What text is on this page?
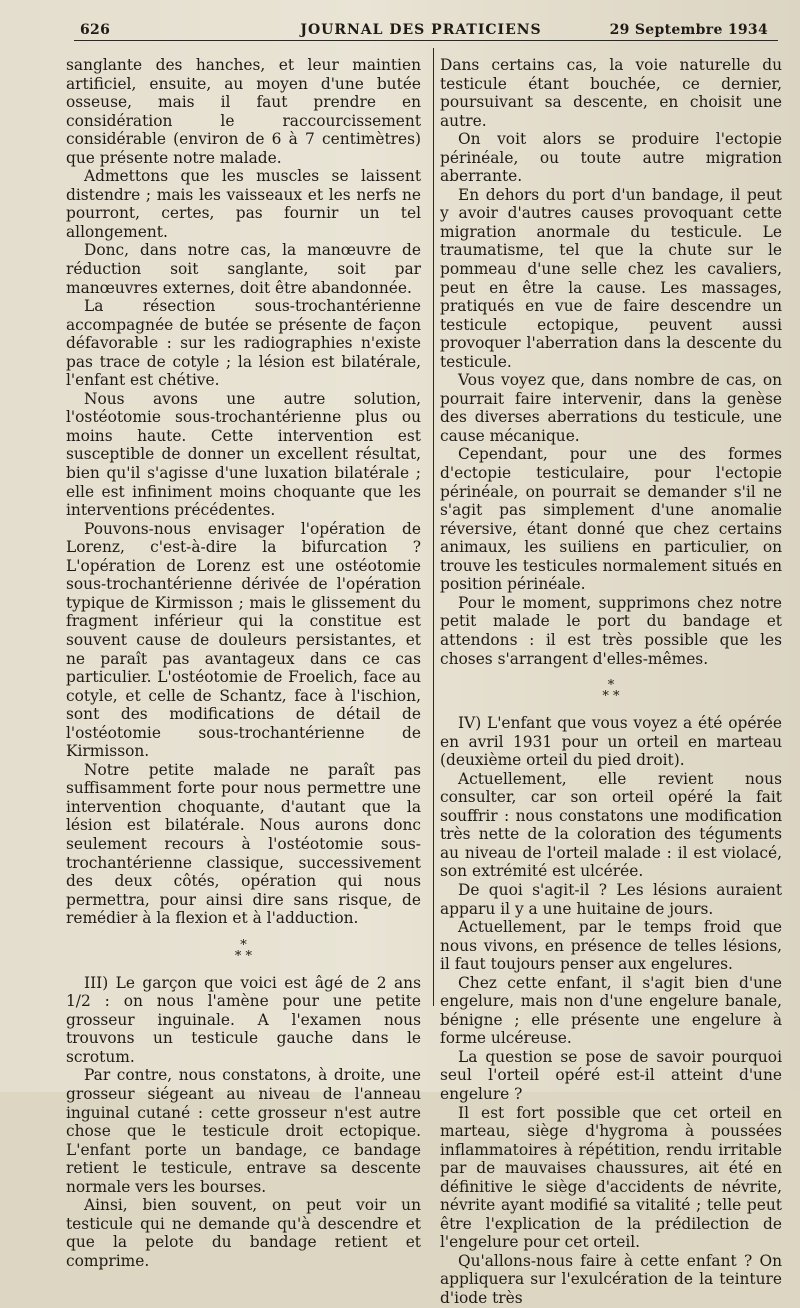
626	JOURNAL DES PRATICIENS	29 Septembre 1934

sanglante des hanches, et leur maintien artificiel, ensuite, au moyen d'une butée osseuse, mais il faut prendre en considération le raccourcissement considérable (environ de 6 à 7 centimètres) que présente notre malade.

Admettons que les muscles se laissent distendre ; mais les vaisseaux et les nerfs ne pourront, certes, pas fournir un tel allongement.

Donc, dans notre cas, la manœuvre de réduction soit sanglante, soit par manœuvres externes, doit être abandonnée.

La résection sous-trochantérienne accompagnée de butée se présente de façon défavorable : sur les radiographies n'existe pas trace de cotyle ; la lésion est bilatérale, l'enfant est chétive.

Nous avons une autre solution, l'ostéotomie sous-trochantérienne plus ou moins haute. Cette intervention est susceptible de donner un excellent résultat, bien qu'il s'agisse d'une luxation bilatérale ; elle est infiniment moins choquante que les interventions précédentes.

Pouvons-nous envisager l'opération de Lorenz, c'est-à-dire la bifurcation ? L'opération de Lorenz est une ostéotomie sous-trochantérienne dérivée de l'opération typique de Kirmisson ; mais le glissement du fragment inférieur qui la constitue est souvent cause de douleurs persistantes, et ne paraît pas avantageux dans ce cas particulier. L'ostéotomie de Froelich, face au cotyle, et celle de Schantz, face à l'ischion, sont des modifications de détail de l'ostéotomie sous-trochantérienne de Kirmisson.

Notre petite malade ne paraît pas suffisamment forte pour nous permettre une intervention choquante, d'autant que la lésion est bilatérale. Nous aurons donc seulement recours à l'ostéotomie sous-trochantérienne classique, successivement des deux côtés, opération qui nous permettra, pour ainsi dire sans risque, de remédier à la flexion et à l'adduction.

*
* *

III) Le garçon que voici est âgé de 2 ans 1/2 : on nous l'amène pour une petite grosseur inguinale. A l'examen nous trouvons un testicule gauche dans le scrotum.

Par contre, nous constatons, à droite, une grosseur siégeant au niveau de l'anneau inguinal cutané : cette grosseur n'est autre chose que le testicule droit ectopique. L'enfant porte un bandage, ce bandage retient le testicule, entrave sa descente normale vers les bourses.

Ainsi, bien souvent, on peut voir un testicule qui ne demande qu'à descendre et que la pelote du bandage retient et comprime.

Dans certains cas, la voie naturelle du testicule étant bouchée, ce dernier, poursuivant sa descente, en choisit une autre.

On voit alors se produire l'ectopie périnéale, ou toute autre migration aberrante.

En dehors du port d'un bandage, il peut y avoir d'autres causes provoquant cette migration anormale du testicule. Le traumatisme, tel que la chute sur le pommeau d'une selle chez les cavaliers, peut en être la cause. Les massages, pratiqués en vue de faire descendre un testicule ectopique, peuvent aussi provoquer l'aberration dans la descente du testicule.

Vous voyez que, dans nombre de cas, on pourrait faire intervenir, dans la genèse des diverses aberrations du testicule, une cause mécanique.

Cependant, pour une des formes d'ectopie testiculaire, pour l'ectopie périnéale, on pourrait se demander s'il ne s'agit pas simplement d'une anomalie réversive, étant donné que chez certains animaux, les suiliens en particulier, on trouve les testicules normalement situés en position périnéale.

Pour le moment, supprimons chez notre petit malade le port du bandage et attendons : il est très possible que les choses s'arrangent d'elles-mêmes.

*
* *

IV) L'enfant que vous voyez a été opérée en avril 1931 pour un orteil en marteau (deuxième orteil du pied droit).

Actuellement, elle revient nous consulter, car son orteil opéré la fait souffrir : nous constatons une modification très nette de la coloration des téguments au niveau de l'orteil malade : il est violacé, son extrémité est ulcérée.

De quoi s'agit-il ? Les lésions auraient apparu il y a une huitaine de jours.

Actuellement, par le temps froid que nous vivons, en présence de telles lésions, il faut toujours penser aux engelures.

Chez cette enfant, il s'agit bien d'une engelure, mais non d'une engelure banale, bénigne ; elle présente une engelure à forme ulcéreuse.

La question se pose de savoir pourquoi seul l'orteil opéré est-il atteint d'une engelure ?

Il est fort possible que cet orteil en marteau, siège d'hygroma à poussées inflammatoires à répétition, rendu irritable par de mauvaises chaussures, ait été en définitive le siège d'accidents de névrite, névrite ayant modifié sa vitalité ; telle peut être l'explication de la prédilection de l'engelure pour cet orteil.

Qu'allons-nous faire à cette enfant ? On appliquera sur l'exulcération de la teinture d'iode très
